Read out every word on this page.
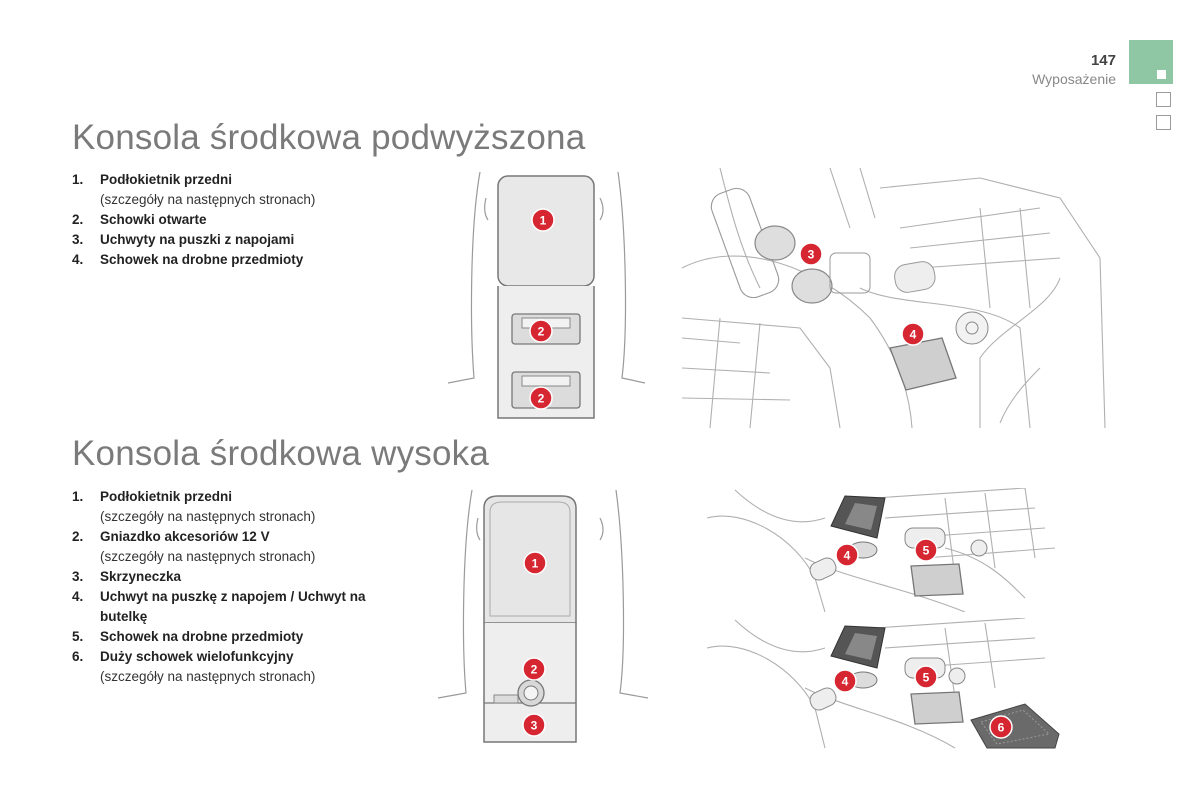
147
Wyposażenie
Konsola środkowa podwyższona
1.	Podłokietnik przedni
(szczegóły na następnych stronach)
2.	Schowki otwarte
3.	Uchwyty na puszki z napojami
4.	Schowek na drobne przedmioty
1
2
2
3
4
Konsola środkowa wysoka
1.	Podłokietnik przedni
(szczegóły na następnych stronach)
2.	Gniazdko akcesoriów 12 V
(szczegóły na następnych stronach)
3.	Skrzyneczka
4.	Uchwyt na puszkę z napojem / Uchwyt na butelkę
5.	Schowek na drobne przedmioty
6.	Duży schowek wielofunkcyjny
(szczegóły na następnych stronach)
1
2
3
4	5
4	5
6
